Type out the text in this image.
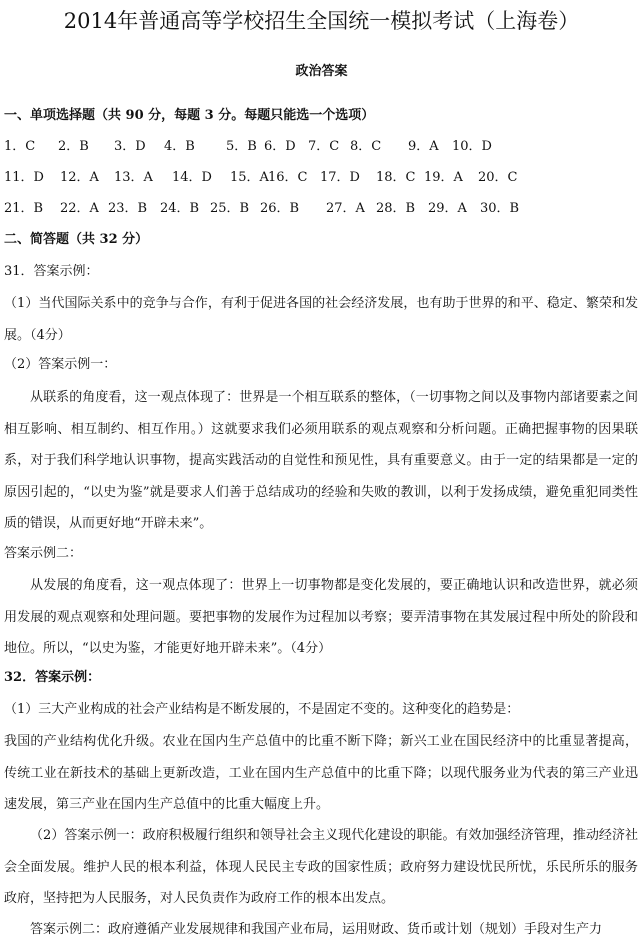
2014年普通高等学校招生全国统一模拟考试（上海卷）
政治答案
一、单项选择题（共 90 分，每题 3 分。每题只能选一个选项）
1．C 2．B 3．D 4．B 5．B 6．D 7．C 8．C 9．A 10．D
11．D 12．A 13．A 14．D 15．A 16．C 17．D 18．C 19．A 20．C
21．B 22．A 23．B 24．B 25．B 26．B 27．A 28．B 29．A 30．B
二、简答题（共 32 分）
31．答案示例：
（1）当代国际关系中的竞争与合作，有利于促进各国的社会经济发展，也有助于世界的和平、稳定、繁荣和发展。（4分）
（2）答案示例一：
从联系的角度看，这一观点体现了：世界是一个相互联系的整体，（一切事物之间以及事物内部诸要素之间相互影响、相互制约、相互作用。）这就要求我们必须用联系的观点观察和分析问题。正确把握事物的因果联系，对于我们科学地认识事物，提高实践活动的自觉性和预见性，具有重要意义。由于一定的结果都是一定的原因引起的，“以史为鉴”就是要求人们善于总结成功的经验和失败的教训，以利于发扬成绩，避免重犯同类性质的错误，从而更好地“开辟未来”。
答案示例二：
从发展的角度看，这一观点体现了：世界上一切事物都是变化发展的，要正确地认识和改造世界，就必须用发展的观点观察和处理问题。要把事物的发展作为过程加以考察；要弄清事物在其发展过程中所处的阶段和地位。所以，“以史为鉴，才能更好地开辟未来”。（4分）
32．答案示例：
（1）三大产业构成的社会产业结构是不断发展的，不是固定不变的。这种变化的趋势是：
我国的产业结构优化升级。农业在国内生产总值中的比重不断下降；新兴工业在国民经济中的比重显著提高，传统工业在新技术的基础上更新改造，工业在国内生产总值中的比重下降；以现代服务业为代表的第三产业迅速发展，第三产业在国内生产总值中的比重大幅度上升。
（2）答案示例一：政府积极履行组织和领导社会主义现代化建设的职能。有效加强经济管理，推动经济社会全面发展。维护人民的根本利益，体现人民民主专政的国家性质；政府努力建设忧民所忧，乐民所乐的服务政府，坚持把为人民服务，对人民负责作为政府工作的根本出发点。
答案示例二：政府遵循产业发展规律和我国产业布局，运用财政、货币或计划（规划）手段对生产力
